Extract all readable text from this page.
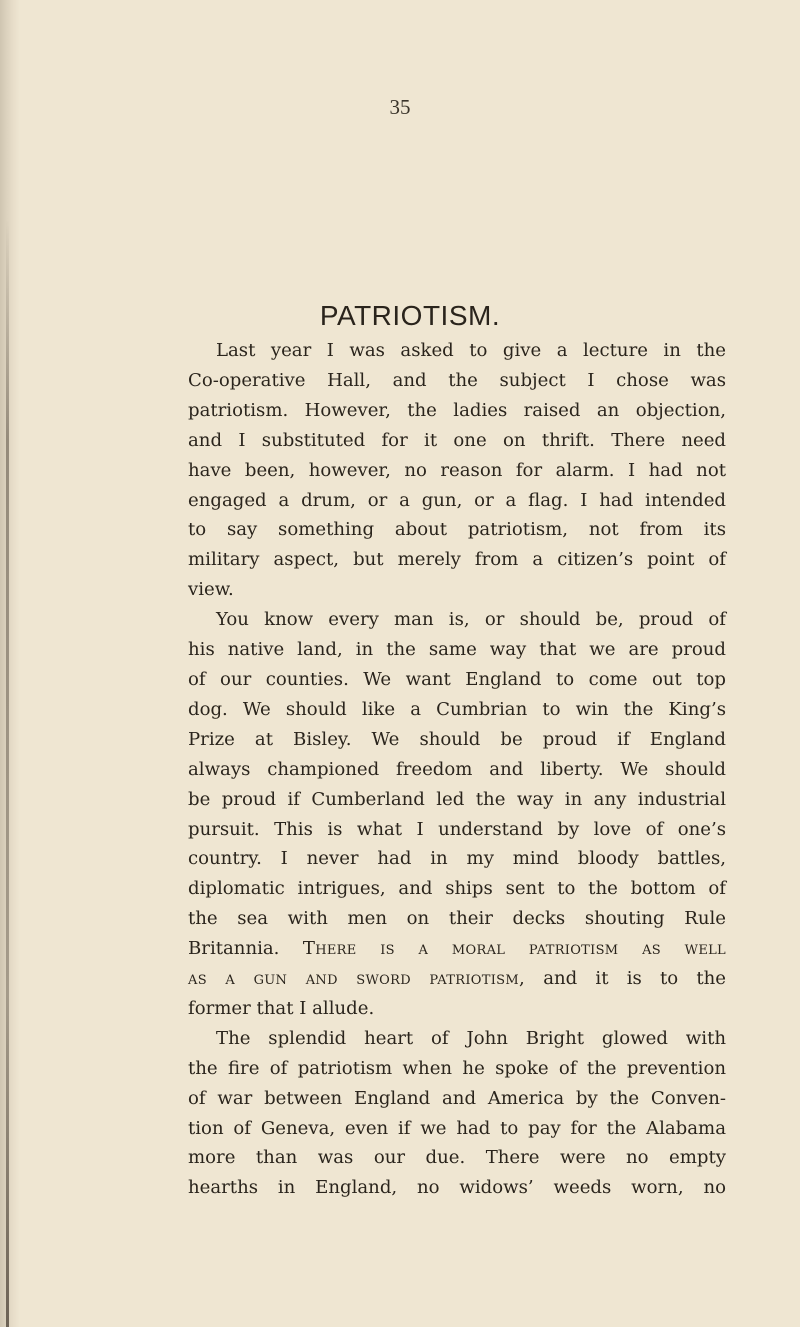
35
PATRIOTISM.
Last year I was asked to give a lecture in the
Co-operative Hall, and the subject I chose was
patriotism. However, the ladies raised an objection,
and I substituted for it one on thrift. There need
have been, however, no reason for alarm. I had not
engaged a drum, or a gun, or a flag. I had intended
to say something about patriotism, not from its
military aspect, but merely from a citizen’s point of
view.
You know every man is, or should be, proud of
his native land, in the same way that we are proud
of our counties. We want England to come out top
dog. We should like a Cumbrian to win the King’s
Prize at Bisley. We should be proud if England
always championed freedom and liberty. We should
be proud if Cumberland led the way in any industrial
pursuit. This is what I understand by love of one’s
country. I never had in my mind bloody battles,
diplomatic intrigues, and ships sent to the bottom of
the sea with men on their decks shouting Rule
Britannia. There is a moral patriotism as well
as a gun and sword patriotism, and it is to the
former that I allude.
The splendid heart of John Bright glowed with
the fire of patriotism when he spoke of the prevention
of war between England and America by the Conven-
tion of Geneva, even if we had to pay for the Alabama
more than was our due. There were no empty
hearths in England, no widows’ weeds worn, no
